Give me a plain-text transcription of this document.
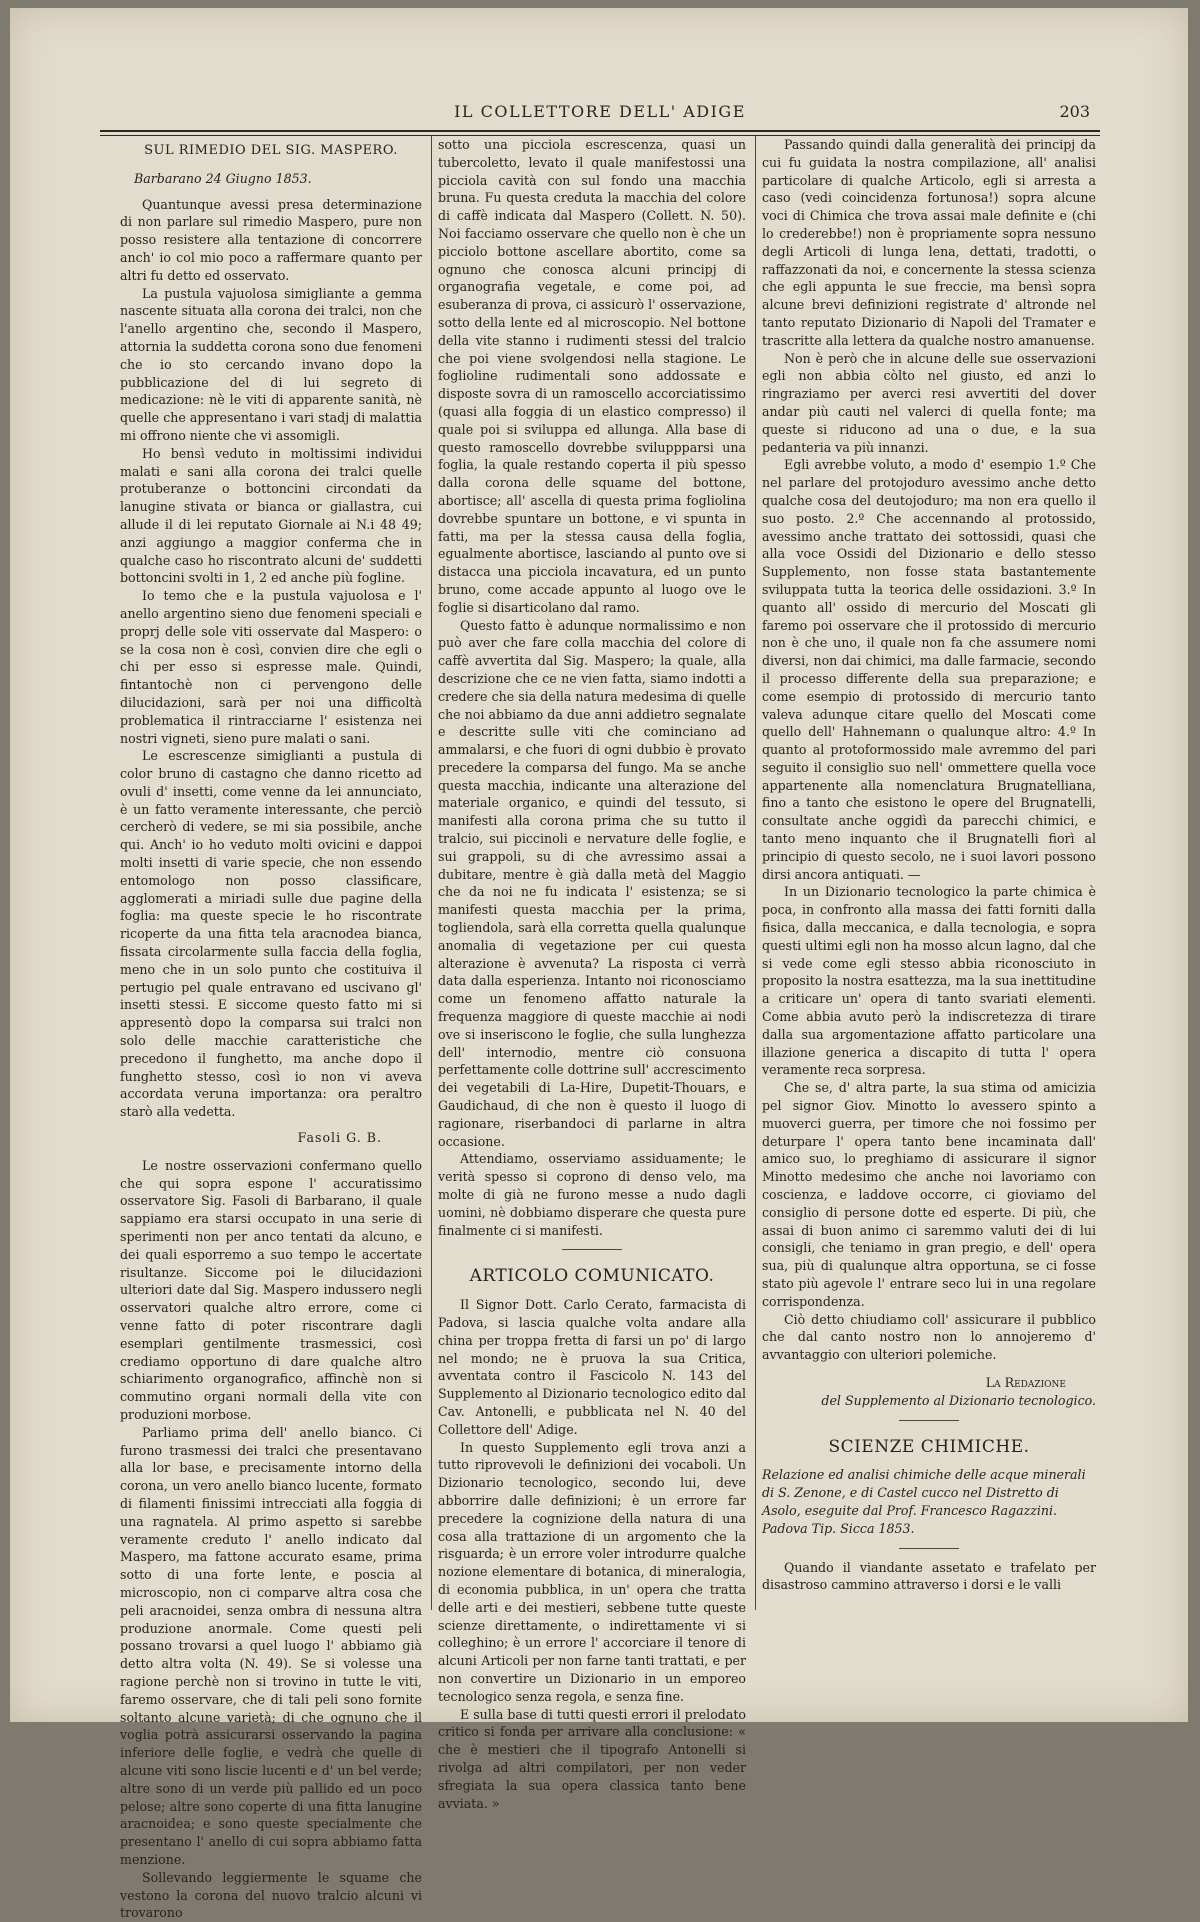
IL COLLETTORE DELL' ADIGE	203

SUL RIMEDIO DEL SIG. MASPERO.

Barbarano 24 Giugno 1853.

Quantunque avessi presa determinazione di non parlare sul rimedio Maspero, pure non posso resistere alla tentazione di concorrere anch' io col mio poco a raffermare quanto per altri fu detto ed osservato.

La pustula vajuolosa simigliante a gemma nascente situata alla corona dei tralci, non che l'anello argentino che, secondo il Maspero, attornia la suddetta corona sono due fenomeni che io sto cercando invano dopo la pubblicazione del di lui segreto di medicazione: nè le viti di apparente sanità, nè quelle che appresentano i vari stadj di malattia mi offrono niente che vi assomigli.

Ho bensì veduto in moltissimi individui malati e sani alla corona dei tralci quelle protuberanze o bottoncini circondati da lanugine stivata or bianca or giallastra, cui allude il di lei reputato Giornale ai N.i 48 49; anzi aggiungo a maggior conferma che in qualche caso ho riscontrato alcuni de' suddetti bottoncini svolti in 1, 2 ed anche più fogline.

Io temo che e la pustula vajuolosa e l' anello argentino sieno due fenomeni speciali e proprj delle sole viti osservate dal Maspero: o se la cosa non è così, convien dire che egli o chi per esso si espresse male. Quindi, fintantochè non ci pervengono delle dilucidazioni, sarà per noi una difficoltà problematica il rintracciarne l' esistenza nei nostri vigneti, sieno pure malati o sani.

Le escrescenze simiglianti a pustula di color bruno di castagno che danno ricetto ad ovuli d' insetti, come venne da lei annunciato, è un fatto veramente interessante, che perciò cercherò di vedere, se mi sia possibile, anche qui. Anch' io ho veduto molti ovicini e dappoi molti insetti di varie specie, che non essendo entomologo non posso classificare, agglomerati a miriadi sulle due pagine della foglia: ma queste specie le ho riscontrate ricoperte da una fitta tela aracnodea bianca, fissata circolarmente sulla faccia della foglia, meno che in un solo punto che costituiva il pertugio pel quale entravano ed uscivano gl' insetti stessi. E siccome questo fatto mi si appresentò dopo la comparsa sui tralci non solo delle macchie caratteristiche che precedono il funghetto, ma anche dopo il funghetto stesso, così io non vi aveva accordata veruna importanza: ora peraltro starò alla vedetta.

Fasoli G. B.

Le nostre osservazioni confermano quello che qui sopra espone l' accuratissimo osservatore Sig. Fasoli di Barbarano, il quale sappiamo era starsi occupato in una serie di sperimenti non per anco tentati da alcuno, e dei quali esporremo a suo tempo le accertate risultanze. Siccome poi le dilucidazioni ulteriori date dal Sig. Maspero indussero negli osservatori qualche altro errore, come ci venne fatto di poter riscontrare dagli esemplari gentilmente trasmessici, così crediamo opportuno di dare qualche altro schiarimento organografico, affinchè non si commutino organi normali della vite con produzioni morbose.

Parliamo prima dell' anello bianco. Ci furono trasmessi dei tralci che presentavano alla lor base, e precisamente intorno della corona, un vero anello bianco lucente, formato di filamenti finissimi intrecciati alla foggia di una ragnatela. Al primo aspetto si sarebbe veramente creduto l' anello indicato dal Maspero, ma fattone accurato esame, prima sotto di una forte lente, e poscia al microscopio, non ci comparve altra cosa che peli aracnoidei, senza ombra di nessuna altra produzione anormale. Come questi peli possano trovarsi a quel luogo l' abbiamo già detto altra volta (N. 49). Se si volesse una ragione perchè non si trovino in tutte le viti, faremo osservare, che di tali peli sono fornite soltanto alcune varietà; di che ognuno che il voglia potrà assicurarsi osservando la pagina inferiore delle foglie, e vedrà che quelle di alcune viti sono liscie lucenti e d' un bel verde; altre sono di un verde più pallido ed un poco pelose; altre sono coperte di una fitta lanugine aracnoidea; e sono queste specialmente che presentano l' anello di cui sopra abbiamo fatta menzione.

Sollevando leggiermente le squame che vestono la corona del nuovo tralcio alcuni vi trovarono

sotto una picciola escrescenza, quasi un tubercoletto, levato il quale manifestossi una picciola cavità con sul fondo una macchia bruna. Fu questa creduta la macchia del colore di caffè indicata dal Maspero (Collett. N. 50). Noi facciamo osservare che quello non è che un picciolo bottone ascellare abortito, come sa ognuno che conosca alcuni principj di organografia vegetale, e come poi, ad esuberanza di prova, ci assicurò l' osservazione, sotto della lente ed al microscopio. Nel bottone della vite stanno i rudimenti stessi del tralcio che poi viene svolgendosi nella stagione. Le foglioline rudimentali sono addossate e disposte sovra di un ramoscello accorciatissimo (quasi alla foggia di un elastico compresso) il quale poi si sviluppa ed allunga. Alla base di questo ramoscello dovrebbe sviluppparsi una foglia, la quale restando coperta il più spesso dalla corona delle squame del bottone, abortisce; all' ascella di questa prima fogliolina dovrebbe spuntare un bottone, e vi spunta in fatti, ma per la stessa causa della foglia, egualmente abortisce, lasciando al punto ove si distacca una picciola incavatura, ed un punto bruno, come accade appunto al luogo ove le foglie si disarticolano dal ramo.

Questo fatto è adunque normalissimo e non può aver che fare colla macchia del colore di caffè avvertita dal Sig. Maspero; la quale, alla descrizione che ce ne vien fatta, siamo indotti a credere che sia della natura medesima di quelle che noi abbiamo da due anni addietro segnalate e descritte sulle viti che cominciano ad ammalarsi, e che fuori di ogni dubbio è provato precedere la comparsa del fungo. Ma se anche questa macchia, indicante una alterazione del materiale organico, e quindi del tessuto, si manifesti alla corona prima che su tutto il tralcio, sui piccinoli e nervature delle foglie, e sui grappoli, su di che avressimo assai a dubitare, mentre è già dalla metà del Maggio che da noi ne fu indicata l' esistenza; se si manifesti questa macchia per la prima, togliendola, sarà ella corretta quella qualunque anomalia di vegetazione per cui questa alterazione è avvenuta? La risposta ci verrà data dalla esperienza. Intanto noi riconosciamo come un fenomeno affatto naturale la frequenza maggiore di queste macchie ai nodi ove si inseriscono le foglie, che sulla lunghezza dell' internodio, mentre ciò consuona perfettamente colle dottrine sull' accrescimento dei vegetabili di La-Hire, Dupetit-Thouars, e Gaudichaud, di che non è questo il luogo di ragionare, riserbandoci di parlarne in altra occasione.

Attendiamo, osserviamo assiduamente; le verità spesso si coprono di denso velo, ma molte di già ne furono messe a nudo dagli uomini, nè dobbiamo disperare che questa pure finalmente ci si manifesti.

ARTICOLO COMUNICATO.

Il Signor Dott. Carlo Cerato, farmacista di Padova, si lascia qualche volta andare alla china per troppa fretta di farsi un po' di largo nel mondo; ne è pruova la sua Critica, avventata contro il Fascicolo N. 143 del Supplemento al Dizionario tecnologico edito dal Cav. Antonelli, e pubblicata nel N. 40 del Collettore dell' Adige.

In questo Supplemento egli trova anzi a tutto riprovevoli le definizioni dei vocaboli. Un Dizionario tecnologico, secondo lui, deve abborrire dalle definizioni; è un errore far precedere la cognizione della natura di una cosa alla trattazione di un argomento che la risguarda; è un errore voler introdurre qualche nozione elementare di botanica, di mineralogia, di economia pubblica, in un' opera che tratta delle arti e dei mestieri, sebbene tutte queste scienze direttamente, o indirettamente vi si colleghino; è un errore l' accorciare il tenore di alcuni Articoli per non farne tanti trattati, e per non convertire un Dizionario in un emporeo tecnologico senza regola, e senza fine.

E sulla base di tutti questi errori il prelodato critico si fonda per arrivare alla conclusione: « che è mestieri che il tipografo Antonelli si rivolga ad altri compilatori, per non veder sfregiata la sua opera classica tanto bene avviata. »

Passando quindi dalla generalità dei principj da cui fu guidata la nostra compilazione, all' analisi particolare di qualche Articolo, egli si arresta a caso (vedi coincidenza fortunosa!) sopra alcune voci di Chimica che trova assai male definite e (chi lo crederebbe!) non è propriamente sopra nessuno degli Articoli di lunga lena, dettati, tradotti, o raffazzonati da noi, e concernente la stessa scienza che egli appunta le sue freccie, ma bensì sopra alcune brevi definizioni registrate d' altronde nel tanto reputato Dizionario di Napoli del Tramater e trascritte alla lettera da qualche nostro amanuense.

Non è però che in alcune delle sue osservazioni egli non abbia còlto nel giusto, ed anzi lo ringraziamo per averci resi avvertiti del dover andar più cauti nel valerci di quella fonte; ma queste si riducono ad una o due, e la sua pedanteria va più innanzi.

Egli avrebbe voluto, a modo d' esempio 1.º Che nel parlare del protojoduro avessimo anche detto qualche cosa del deutojoduro; ma non era quello il suo posto. 2.º Che accennando al protossido, avessimo anche trattato dei sottossidi, quasi che alla voce Ossidi del Dizionario e dello stesso Supplemento, non fosse stata bastantemente sviluppata tutta la teorica delle ossidazioni. 3.º In quanto all' ossido di mercurio del Moscati gli faremo poi osservare che il protossido di mercurio non è che uno, il quale non fa che assumere nomi diversi, non dai chimici, ma dalle farmacie, secondo il processo differente della sua preparazione; e come esempio di protossido di mercurio tanto valeva adunque citare quello del Moscati come quello dell' Hahnemann o qualunque altro: 4.º In quanto al protoformossido male avremmo del pari seguito il consiglio suo nell' ommettere quella voce appartenente alla nomenclatura Brugnatelliana, fino a tanto che esistono le opere del Brugnatelli, consultate anche oggidì da parecchi chimici, e tanto meno inquanto che il Brugnatelli fiorì al principio di questo secolo, ne i suoi lavori possono dirsi ancora antiquati. —

In un Dizionario tecnologico la parte chimica è poca, in confronto alla massa dei fatti forniti dalla fisica, dalla meccanica, e dalla tecnologia, e sopra questi ultimi egli non ha mosso alcun lagno, dal che si vede come egli stesso abbia riconosciuto in proposito la nostra esattezza, ma la sua inettitudine a criticare un' opera di tanto svariati elementi. Come abbia avuto però la indiscretezza di tirare dalla sua argomentazione affatto particolare una illazione generica a discapito di tutta l' opera veramente reca sorpresa.

Che se, d' altra parte, la sua stima od amicizia pel signor Giov. Minotto lo avessero spinto a muoverci guerra, per timore che noi fossimo per deturpare l' opera tanto bene incaminata dall' amico suo, lo preghiamo di assicurare il signor Minotto medesimo che anche noi lavoriamo con coscienza, e laddove occorre, ci gioviamo del consiglio di persone dotte ed esperte. Di più, che assai di buon animo ci saremmo valuti dei di lui consigli, che teniamo in gran pregio, e dell' opera sua, più di qualunque altra opportuna, se ci fosse stato più agevole l' entrare seco lui in una regolare corrispondenza.

Ciò detto chiudiamo coll' assicurare il pubblico che dal canto nostro non lo annojeremo d' avvantaggio con ulteriori polemiche.

La Redazione

del Supplemento al Dizionario tecnologico.

SCIENZE CHIMICHE.

Relazione ed analisi chimiche delle acque minerali di S. Zenone, e di Castel cucco nel Distretto di Asolo, eseguite dal Prof. Francesco Ragazzini. Padova Tip. Sicca 1853.

Quando il viandante assetato e trafelato per disastroso cammino attraverso i dorsi e le valli
